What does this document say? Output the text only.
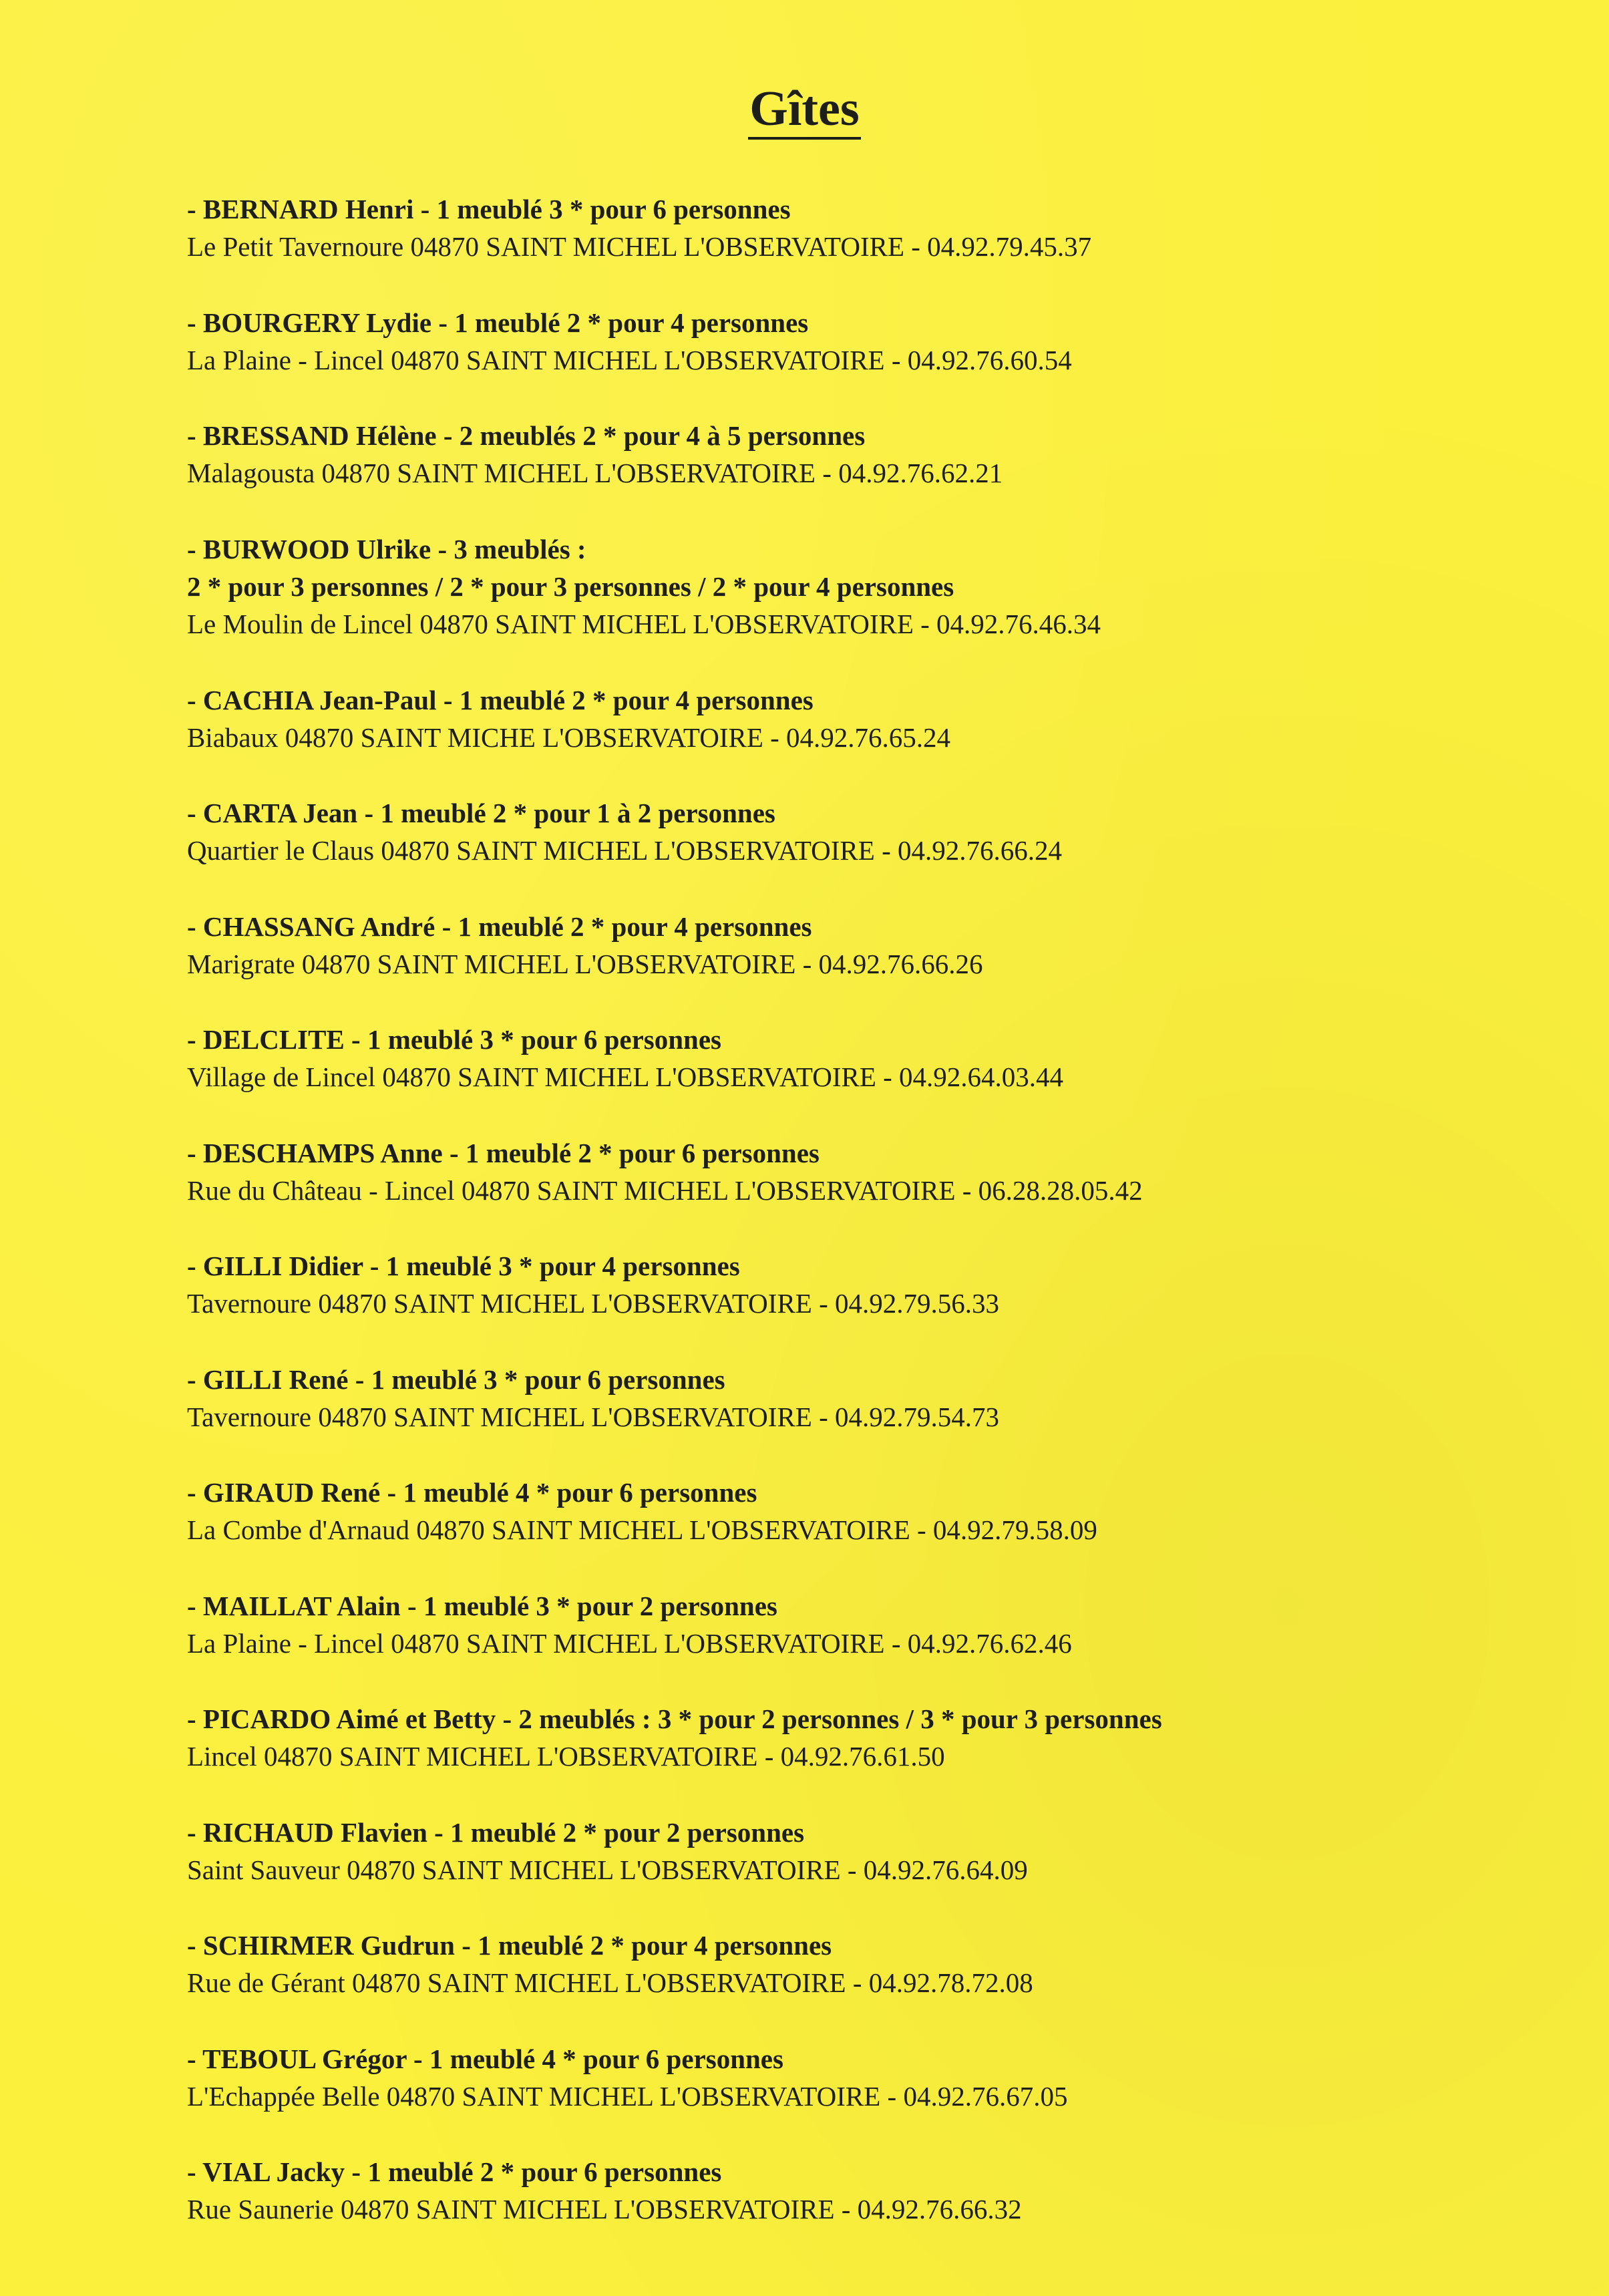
Gîtes
- BERNARD Henri - 1 meublé 3 * pour 6 personnes
Le Petit Tavernoure 04870 SAINT MICHEL L'OBSERVATOIRE - 04.92.79.45.37
- BOURGERY Lydie - 1 meublé 2 * pour 4 personnes
La Plaine - Lincel 04870 SAINT MICHEL L'OBSERVATOIRE - 04.92.76.60.54
- BRESSAND Hélène - 2 meublés 2 * pour 4 à 5 personnes
Malagousta 04870 SAINT MICHEL L'OBSERVATOIRE - 04.92.76.62.21
- BURWOOD Ulrike - 3 meublés :
2 * pour 3 personnes / 2 * pour 3 personnes / 2 * pour 4 personnes
Le Moulin de Lincel 04870 SAINT MICHEL L'OBSERVATOIRE - 04.92.76.46.34
- CACHIA Jean-Paul - 1 meublé 2 * pour 4 personnes
Biabaux 04870 SAINT MICHE L'OBSERVATOIRE - 04.92.76.65.24
- CARTA Jean - 1 meublé 2 * pour 1 à 2 personnes
Quartier le Claus 04870 SAINT MICHEL L'OBSERVATOIRE - 04.92.76.66.24
- CHASSANG André - 1 meublé 2 * pour 4 personnes
Marigrate 04870 SAINT MICHEL L'OBSERVATOIRE - 04.92.76.66.26
- DELCLITE - 1 meublé 3 * pour 6 personnes
Village de Lincel 04870 SAINT MICHEL L'OBSERVATOIRE - 04.92.64.03.44
- DESCHAMPS Anne - 1 meublé 2 * pour 6 personnes
Rue du Château - Lincel 04870 SAINT MICHEL L'OBSERVATOIRE - 06.28.28.05.42
- GILLI Didier - 1 meublé 3 * pour 4 personnes
Tavernoure 04870 SAINT MICHEL L'OBSERVATOIRE - 04.92.79.56.33
- GILLI René - 1 meublé 3 * pour 6 personnes
Tavernoure 04870 SAINT MICHEL L'OBSERVATOIRE - 04.92.79.54.73
- GIRAUD René - 1 meublé 4 * pour 6 personnes
La Combe d'Arnaud 04870 SAINT MICHEL L'OBSERVATOIRE - 04.92.79.58.09
- MAILLAT Alain - 1 meublé 3 * pour 2 personnes
La Plaine - Lincel 04870 SAINT MICHEL L'OBSERVATOIRE - 04.92.76.62.46
- PICARDO Aimé et Betty - 2 meublés : 3 * pour 2 personnes / 3 * pour 3 personnes
Lincel 04870 SAINT MICHEL L'OBSERVATOIRE - 04.92.76.61.50
- RICHAUD Flavien - 1 meublé 2 * pour 2 personnes
Saint Sauveur 04870 SAINT MICHEL L'OBSERVATOIRE - 04.92.76.64.09
- SCHIRMER Gudrun - 1 meublé 2 * pour 4 personnes
Rue de Gérant 04870 SAINT MICHEL L'OBSERVATOIRE - 04.92.78.72.08
- TEBOUL Grégor - 1 meublé 4 * pour 6 personnes
L'Echappée Belle 04870 SAINT MICHEL L'OBSERVATOIRE - 04.92.76.67.05
- VIAL Jacky - 1 meublé 2 * pour 6 personnes
Rue Saunerie 04870 SAINT MICHEL L'OBSERVATOIRE - 04.92.76.66.32
